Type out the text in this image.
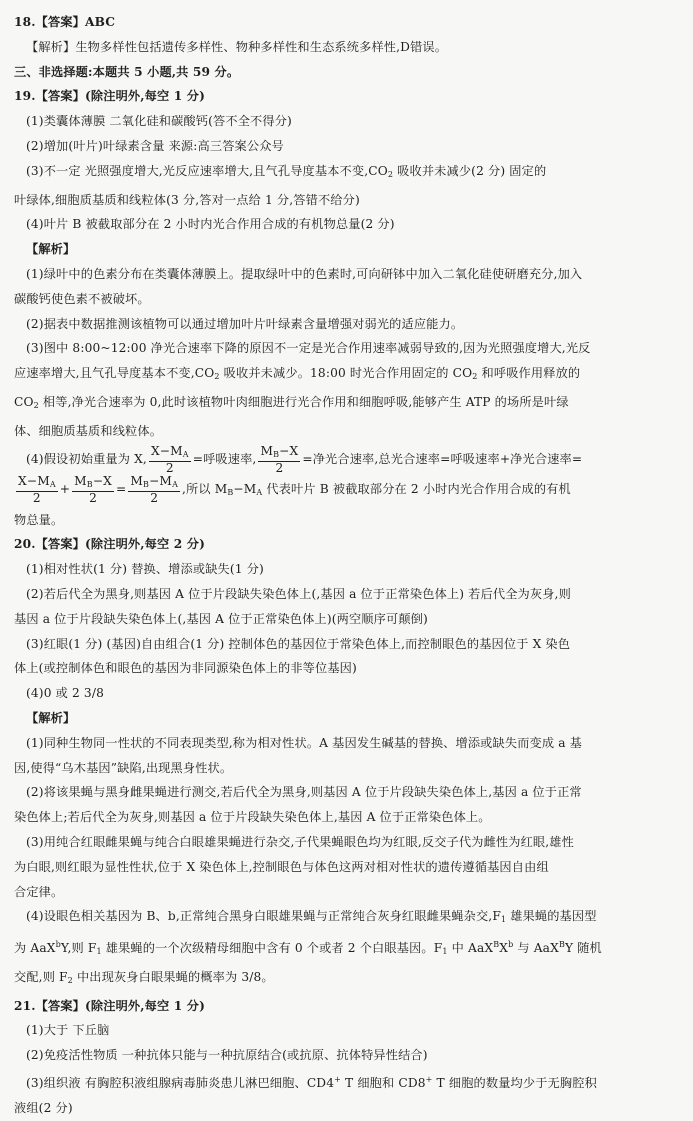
18.【答案】ABC
【解析】生物多样性包括遗传多样性、物种多样性和生态系统多样性,D错误。
三、非选择题:本题共 5 小题,共 59 分。
19.【答案】(除注明外,每空 1 分)
(1)类囊体薄膜 二氧化硅和碳酸钙(答不全不得分)
(2)增加(叶片)叶绿素含量 来源:高三答案公众号
(3)不一定 光照强度增大,光反应速率增大,且气孔导度基本不变$,CO_2$ 吸收并未减少(2 分) 固定的
叶绿体,细胞质基质和线粒体(3 分,答对一点给 1 分,答错不给分)
(4)叶片 B 被截取部分在 2 小时内光合作用合成的有机物总量(2 分)
【解析】
(1)绿叶中的色素分布在类囊体薄膜上。提取绿叶中的色素时,可向研钵中加入二氧化硅使研磨充分,加入
碳酸钙使色素不被破坏。
(2)据表中数据推测该植物可以通过增加叶片叶绿素含量增强对弱光的适应能力。
(3)图中 8:00~12:00 净光合速率下降的原因不一定是光合作用速率减弱导致的,因为光照强度增大,光反
应速率增大,且气孔导度基本不变$,CO_2$ 吸收并未减少。18:00 时光合作用固定的 $CO_2$ 和呼吸作用释放的
$CO_2$ 相等,净光合速率为 0,此时该植物叶肉细胞进行光合作用和细胞呼吸,能够产生 ATP 的场所是叶绿
体、细胞质基质和线粒体。
(4)假设初始重量为 X, $\frac{X-M_A}{2}$ =呼吸速率, $\frac{M_B-X}{2}$ =净光合速率,总光合速率=呼吸速率+净光合速率=
$\frac{X-M_A}{2} + \frac{M_B-X}{2} = \frac{M_B-M_A}{2}$ ,所以 $M_B-M_A$ 代表叶片 B 被截取部分在 2 小时内光合作用合成的有机
物总量。
20.【答案】(除注明外,每空 2 分)
(1)相对性状(1 分) 替换、增添或缺失(1 分)
(2)若后代全为黑身,则基因 A 位于片段缺失染色体上(,基因 a 位于正常染色体上) 若后代全为灰身,则
基因 a 位于片段缺失染色体上(,基因 A 位于正常染色体上)(两空顺序可颠倒)
(3)红眼(1 分) (基因)自由组合(1 分) 控制体色的基因位于常染色体上,而控制眼色的基因位于 X 染色
体上(或控制体色和眼色的基因为非同源染色体上的非等位基因)
(4)0 或 2 3/8
【解析】
(1)同种生物同一性状的不同表现类型,称为相对性状。A 基因发生碱基的替换、增添或缺失而变成 a 基
因,使得“乌木基因”缺陷,出现黑身性状。
(2)将该果蝇与黑身雌果蝇进行测交,若后代全为黑身,则基因 A 位于片段缺失染色体上,基因 a 位于正常
染色体上;若后代全为灰身,则基因 a 位于片段缺失染色体上,基因 A 位于正常染色体上。
(3)用纯合红眼雌果蝇与纯合白眼雄果蝇进行杂交,子代果蝇眼色均为红眼,反交子代为雌性为红眼,雄性
为白眼,则红眼为显性性状,位于 X 染色体上,控制眼色与体色这两对相对性状的遗传遵循基因自由组
合定律。
(4)设眼色相关基因为 B、b,正常纯合黑身白眼雄果蝇与正常纯合灰身红眼雌果蝇杂交$,F_1$ 雄果蝇的基因型
为 AaX$^b$Y,则 $F_1$ 雄果蝇的一个次级精母细胞中含有 0 个或者 2 个白眼基因。$F_1$ 中 $AaX^BX^b$ 与 AaX$^B$Y 随机
交配,则 $F_2$ 中出现灰身白眼果蝇的概率为 3/8。
21.【答案】(除注明外,每空 1 分)
(1)大于 下丘脑
(2)免疫活性物质 一种抗体只能与一种抗原结合(或抗原、抗体特异性结合)
(3)组织液 有胸腔积液组腺病毒肺炎患儿淋巴细胞、CD4+ T 细胞和 CD8+ T 细胞的数量均少于无胸腔积
液组(2 分)
